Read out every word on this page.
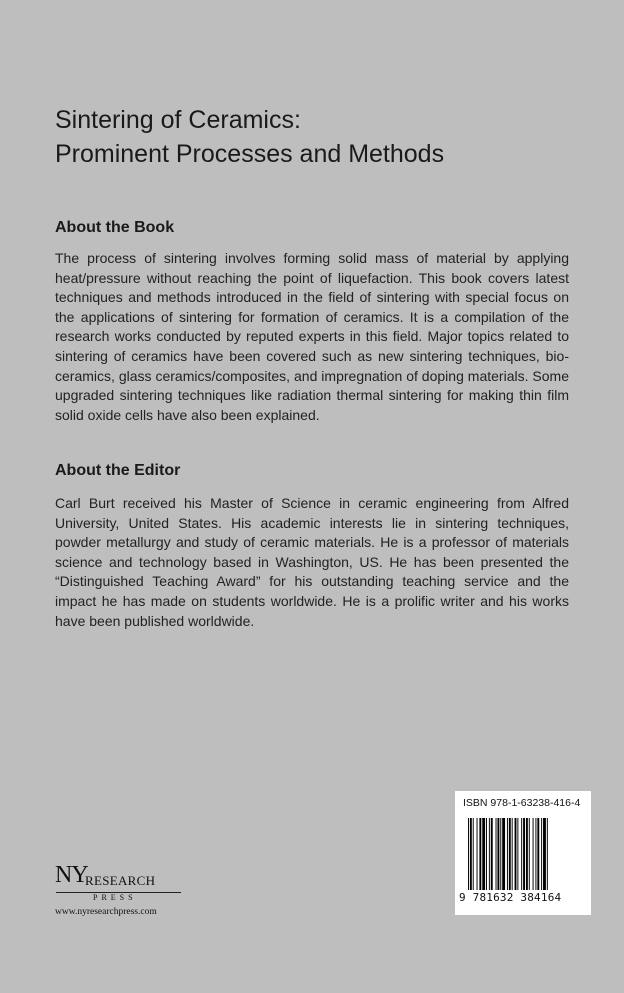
Sintering of Ceramics:
Prominent Processes and Methods
About the Book

The process of sintering involves forming solid mass of material by applying heat/pressure without reaching the point of liquefaction. This book covers latest techniques and methods introduced in the field of sintering with special focus on the applications of sintering for formation of ceramics. It is a compilation of the research works conducted by reputed experts in this field. Major topics related to sintering of ceramics have been covered such as new sintering techniques, bio-ceramics, glass ceramics/composites, and impregnation of doping materials. Some upgraded sintering techniques like radiation thermal sintering for making thin film solid oxide cells have also been explained.

About the Editor

Carl Burt received his Master of Science in ceramic engineering from Alfred University, United States. His academic interests lie in sintering techniques, powder metallurgy and study of ceramic materials. He is a professor of materials science and technology based in Washington, US. He has been presented the “Distinguished Teaching Award” for his outstanding teaching service and the impact he has made on students worldwide. He is a prolific writer and his works have been published worldwide.

ISBN 978-1-63238-416-4
9 781632 384164
NY
RESEARCH
PRESS
www.nyresearchpress.com
